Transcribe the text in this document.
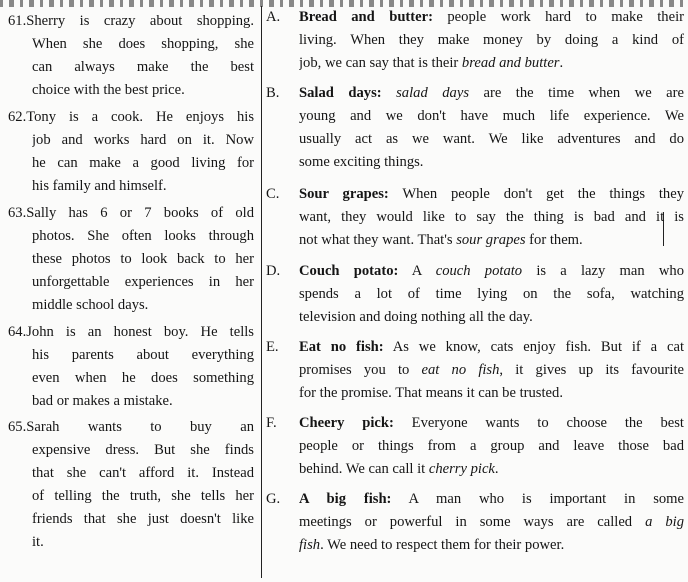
61.Sherry is crazy about shopping.
When she does shopping, she
can always make the best
choice with the best price.
62.Tony is a cook. He enjoys his
job and works hard on it. Now
he can make a good living for
his family and himself.
63.Sally has 6 or 7 books of old
photos. She often looks through
these photos to look back to her
unforgettable experiences in her
middle school days.
64.John is an honest boy. He tells
his parents about everything
even when he does something
bad or makes a mistake.
65.Sarah wants to buy an
expensive dress. But she finds
that she can't afford it. Instead
of telling the truth, she tells her
friends that she just doesn't like
it.
A.	Bread and butter: people work hard to make their
living. When they make money by doing a kind of
job, we can say that is their bread and butter.
B.	Salad days: salad days are the time when we are
young and we don't have much life experience. We
usually act as we want. We like adventures and do
some exciting things.
C.	Sour grapes: When people don't get the things they
want, they would like to say the thing is bad and it is
not what they want. That's sour grapes for them.
D.	Couch potato: A couch potato is a lazy man who
spends a lot of time lying on the sofa, watching
television and doing nothing all the day.
E.	Eat no fish: As we know, cats enjoy fish. But if a cat
promises you to eat no fish, it gives up its favourite
for the promise. That means it can be trusted.
F.	Cheery pick: Everyone wants to choose the best
people or things from a group and leave those bad
behind. We can call it cherry pick.
G.	A big fish: A man who is important in some
meetings or powerful in some ways are called a big
fish. We need to respect them for their power.
